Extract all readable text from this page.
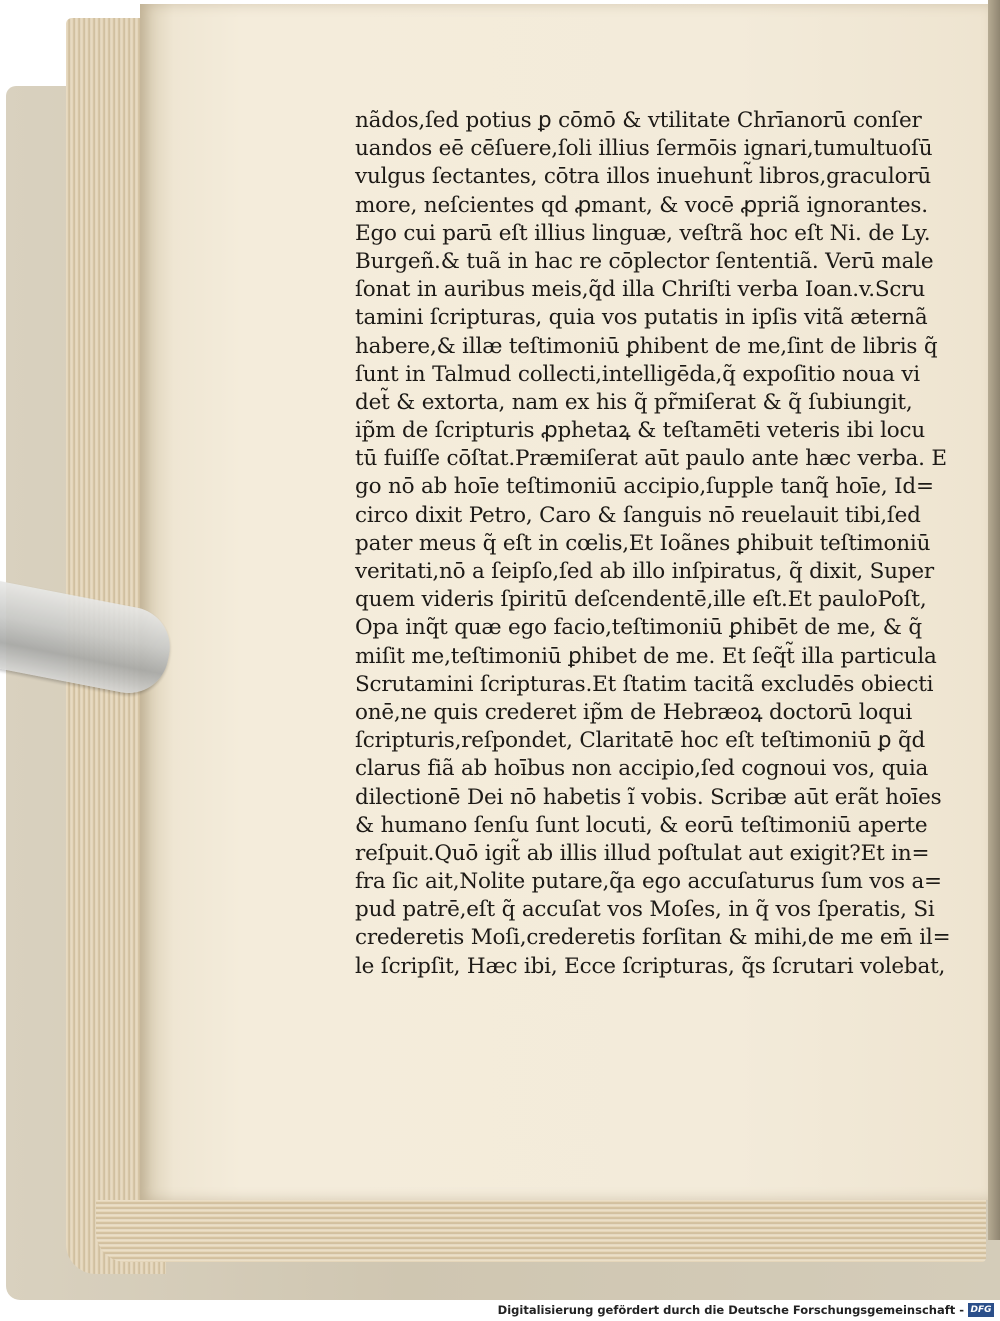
nãdos,ſed potius ꝑ cōmō & vtilitate Chrīanorū conſer
uandos eē cēſuere,ſoli illius ſermōis ignari,tumultuoſū
vulgus ſectantes, cōtra illos inuehunt̃ libros,graculorū
more, neſcientes qd ꝓmant, & vocē ꝓpriã ignorantes.
Ego cui parū eſt illius linguæ, veſtrã hoc eſt Ni. de Ly.
Burgeñ.& tuã in hac re cōplector ſententiã. Verū male
ſonat in auribus meis,q̃d illa Chriſti verba Ioan.v.Scru
tamini ſcripturas, quia vos putatis in ipſis vitã æternã
habere,& illæ teſtimoniū ꝑhibent de me,ſint de libris q̃
ſunt in Talmud collecti,intelligēda,q̃ expoſitio noua vi
det̃ & extorta, nam ex his q̃ pr̃miſerat & q̃ ſubiungit,
ip̃m de ſcripturis ꝓphetaꝝ & teſtamēti veteris ibi locu
tū fuiſſe cōſtat.Præmiſerat aūt paulo ante hæc verba. E
go nō ab hoīe teſtimoniū accipio,ſupple tanq̃ hoīe, Id=
circo dixit Petro, Caro & ſanguis nō reuelauit tibi,ſed
pater meus q̃ eſt in cœlis,Et Ioãnes ꝑhibuit teſtimoniū
veritati,nō a ſeipſo,ſed ab illo inſpiratus, q̃ dixit, Super
quem videris ſpiritū deſcendentē,ille eſt.Et pauloPoſt,
Opa inq̃t quæ ego facio,teſtimoniū ꝑhibēt de me, & q̃
miſit me,teſtimoniū ꝑhibet de me. Et ſeq̃t̃ illa particula
Scrutamini ſcripturas.Et ſtatim tacitã excludēs obiecti
onē,ne quis crederet ip̃m de Hebræoꝝ doctorū loqui
ſcripturis,reſpondet, Claritatē hoc eſt teſtimoniū ꝑ q̃d
clarus fiã ab hoībus non accipio,ſed cognoui vos, quia
dilectionē Dei nō habetis ĩ vobis. Scribæ aūt erãt hoīes
& humano ſenſu ſunt locuti, & eorū teſtimoniū aperte
reſpuit.Quō igit̃ ab illis illud poſtulat aut exigit?Et in=
fra ſic ait,Nolite putare,q̃a ego accuſaturus ſum vos a=
pud patrē,eſt q̃ accuſat vos Moſes, in q̃ vos ſperatis, Si
crederetis Moſi,crederetis forſitan & mihi,de me em̄ il=
le ſcripſit, Hæc ibi, Ecce ſcripturas, q̃s ſcrutari volebat,
Digitalisierung gefördert durch die Deutsche Forschungsgemeinschaft - DFG
